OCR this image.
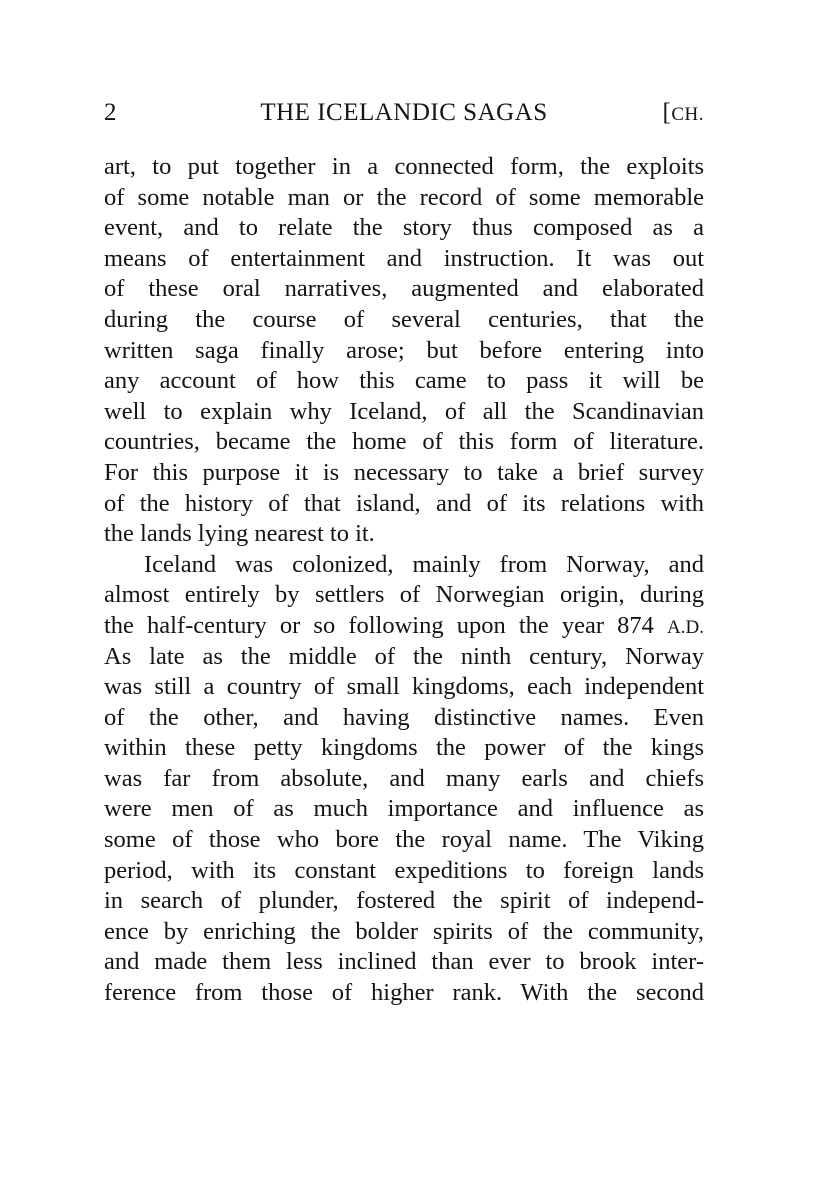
2	THE ICELANDIC SAGAS	[CH.
art, to put together in a connected form, the exploits
of some notable man or the record of some memorable
event, and to relate the story thus composed as a
means of entertainment and instruction. It was out
of these oral narratives, augmented and elaborated
during the course of several centuries, that the
written saga finally arose; but before entering into
any account of how this came to pass it will be
well to explain why Iceland, of all the Scandinavian
countries, became the home of this form of literature.
For this purpose it is necessary to take a brief survey
of the history of that island, and of its relations with
the lands lying nearest to it.
Iceland was colonized, mainly from Norway, and
almost entirely by settlers of Norwegian origin, during
the half-century or so following upon the year 874 A.D.
As late as the middle of the ninth century, Norway
was still a country of small kingdoms, each independent
of the other, and having distinctive names. Even
within these petty kingdoms the power of the kings
was far from absolute, and many earls and chiefs
were men of as much importance and influence as
some of those who bore the royal name. The Viking
period, with its constant expeditions to foreign lands
in search of plunder, fostered the spirit of independ-
ence by enriching the bolder spirits of the community,
and made them less inclined than ever to brook inter-
ference from those of higher rank. With the second
